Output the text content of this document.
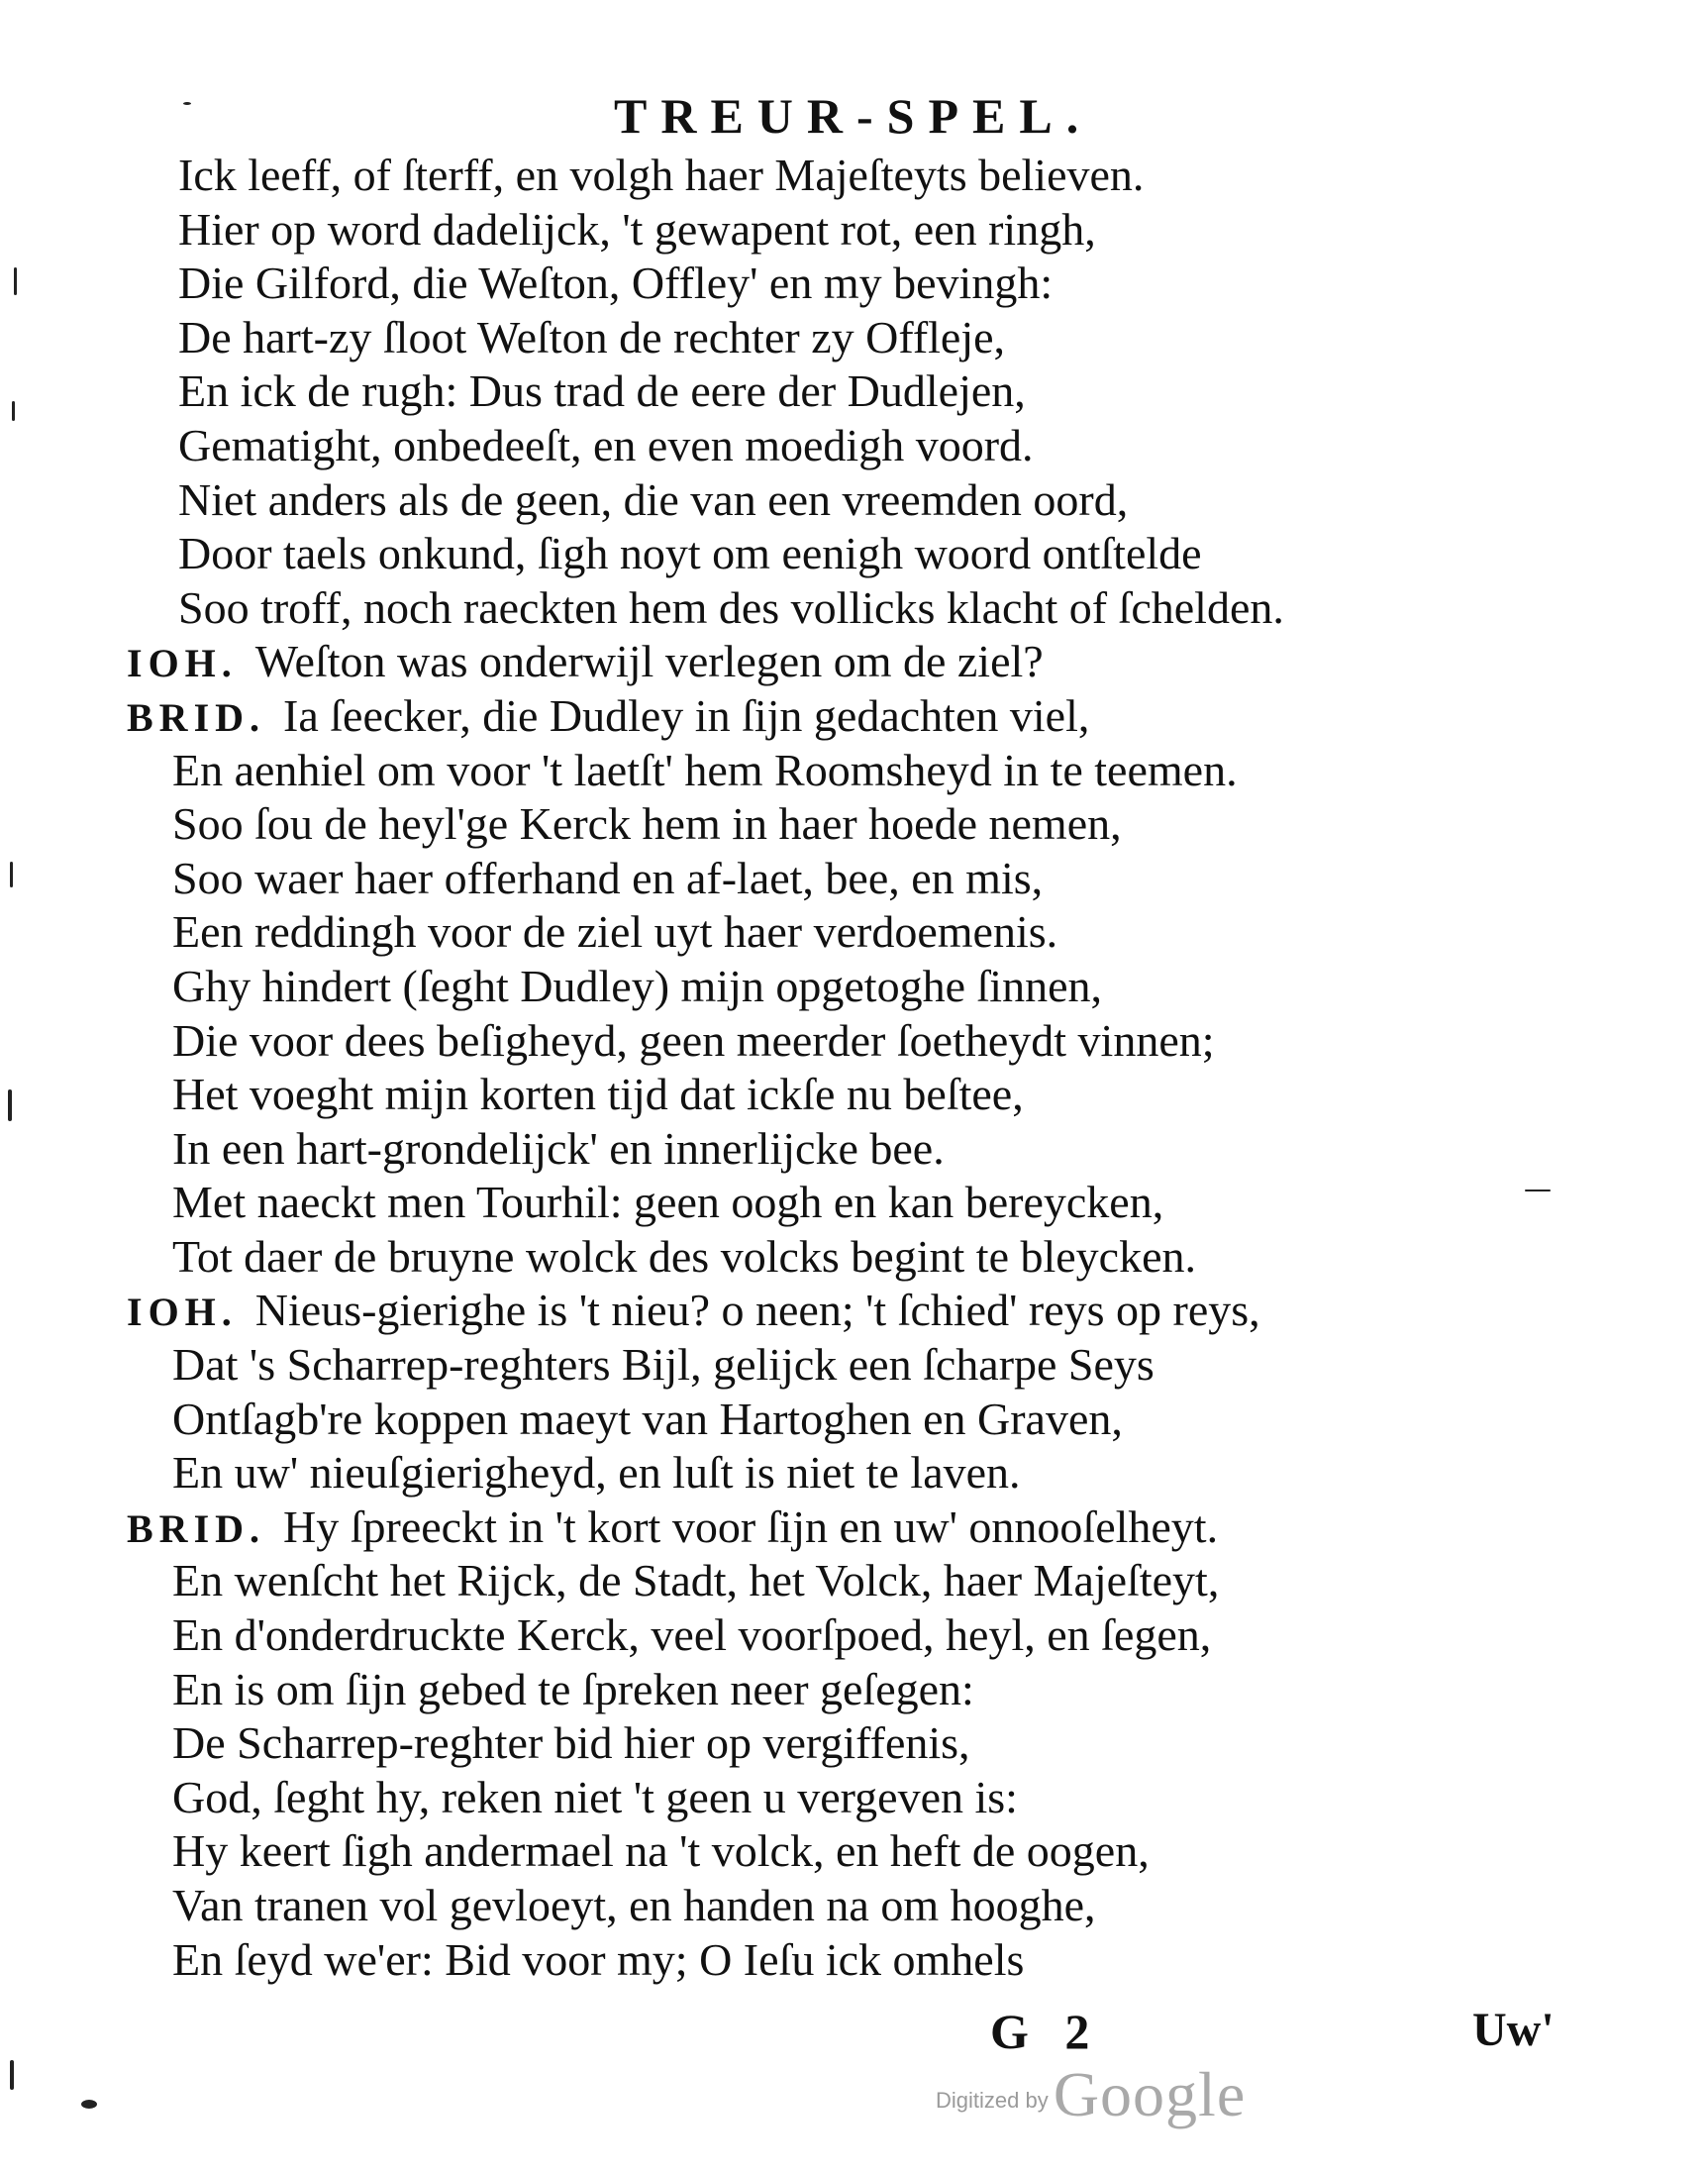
TREUR-SPEL.
Ick leeff, of ſterff, en volgh haer Majeſteyts believen.
Hier op word dadelijck, 't gewapent rot, een ringh,
Die Gilford, die Weſton, Offley' en my bevingh:
De hart-zy ſloot Weſton de rechter zy Offleje,
En ick de rugh: Dus trad de eere der Dudlejen,
Gematight, onbedeeſt, en even moedigh voord.
Niet anders als de geen, die van een vreemden oord,
Door taels onkund, ſigh noyt om eenigh woord ontſtelde
Soo troff, noch raeckten hem des vollicks klacht of ſchelden.
IOH. Weſton was onderwijl verlegen om de ziel?
BRID. Ia ſeecker, die Dudley in ſijn gedachten viel,
En aenhiel om voor 't laetſt' hem Roomsheyd in te teemen.
Soo ſou de heyl'ge Kerck hem in haer hoede nemen,
Soo waer haer offerhand en af-laet, bee, en mis,
Een reddingh voor de ziel uyt haer verdoemenis.
Ghy hindert (ſeght Dudley) mijn opgetoghe ſinnen,
Die voor dees beſigheyd, geen meerder ſoetheydt vinnen;
Het voeght mijn korten tijd dat ickſe nu beſtee,
In een hart-grondelijck' en innerlijcke bee.
Met naeckt men Tourhil: geen oogh en kan bereycken,
Tot daer de bruyne wolck des volcks begint te bleycken.
IOH. Nieus-gierighe is 't nieu? o neen; 't ſchied' reys op reys,
Dat 's Scharrep-reghters Bijl, gelijck een ſcharpe Seys
Ontſagb're koppen maeyt van Hartoghen en Graven,
En uw' nieuſgierigheyd, en luſt is niet te laven.
BRID. Hy ſpreeckt in 't kort voor ſijn en uw' onnooſelheyt.
En wenſcht het Rijck, de Stadt, het Volck, haer Majeſteyt,
En d'onderdruckte Kerck, veel voorſpoed, heyl, en ſegen,
En is om ſijn gebed te ſpreken neer geſegen:
De Scharrep-reghter bid hier op vergiffenis,
God, ſeght hy, reken niet 't geen u vergeven is:
Hy keert ſigh andermael na 't volck, en heft de oogen,
Van tranen vol gevloeyt, en handen na om hooghe,
En ſeyd we'er: Bid voor my; O Ieſu ick omhels
G 2	Uw'
Digitized by Google
